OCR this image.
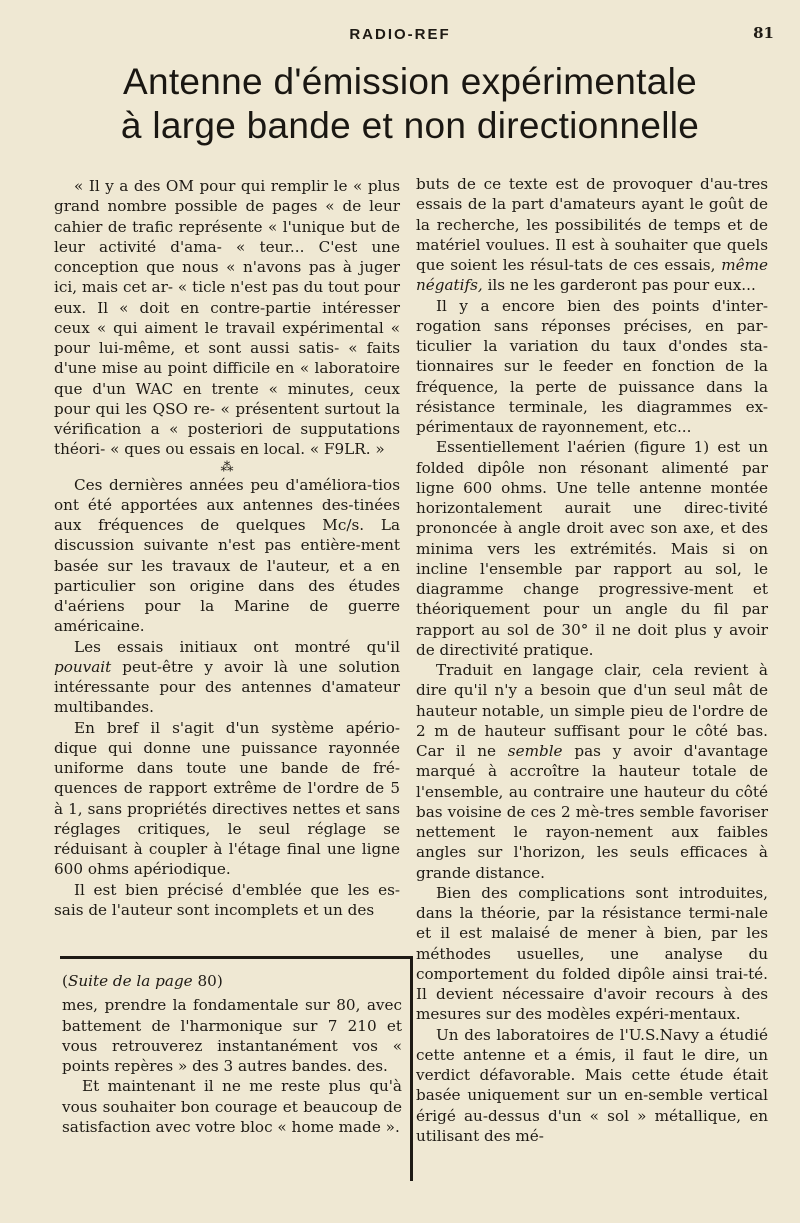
RADIO-REF	81
Antenne d'émission expérimentale
à large bande et non directionnelle

« Il y a des OM pour qui remplir le « plus grand nombre possible de pages « de leur cahier de trafic représente « l'unique but de leur activité d'ama- « teur... C'est une conception que nous « n'avons pas à juger ici, mais cet ar- « ticle n'est pas du tout pour eux. Il « doit en contre-partie intéresser ceux « qui aiment le travail expérimental « pour lui-même, et sont aussi satis- « faits d'une mise au point difficile en « laboratoire que d'un WAC en trente « minutes, ceux pour qui les QSO re- « présentent surtout la vérification a « posteriori de supputations théori- « ques ou essais en local. « F9LR. »

⁂

Ces dernières années peu d'améliora-tios ont été apportées aux antennes des-tinées aux fréquences de quelques Mc/s. La discussion suivante n'est pas entière-ment basée sur les travaux de l'auteur, et a en particulier son origine dans des études d'aériens pour la Marine de guerre américaine.

Les essais initiaux ont montré qu'il pouvait peut-être y avoir là une solution intéressante pour des antennes d'amateur multibandes.

En bref il s'agit d'un système apério-dique qui donne une puissance rayonnée uniforme dans toute une bande de fré-quences de rapport extrême de l'ordre de 5 à 1, sans propriétés directives nettes et sans réglages critiques, le seul réglage se réduisant à coupler à l'étage final une ligne 600 ohms apériodique.

Il est bien précisé d'emblée que les es-sais de l'auteur sont incomplets et un des

(Suite de la page 80)

mes, prendre la fondamentale sur 80, avec battement de l'harmonique sur 7 210 et vous retrouverez instantanément vos « points repères » des 3 autres bandes. des.

Et maintenant il ne me reste plus qu'à vous souhaiter bon courage et beaucoup de satisfaction avec votre bloc « home made ».

buts de ce texte est de provoquer d'au-tres essais de la part d'amateurs ayant le goût de la recherche, les possibilités de temps et de matériel voulues. Il est à souhaiter que quels que soient les résul-tats de ces essais, même négatifs, ils ne les garderont pas pour eux...

Il y a encore bien des points d'inter-rogation sans réponses précises, en par-ticulier la variation du taux d'ondes sta-tionnaires sur le feeder en fonction de la fréquence, la perte de puissance dans la résistance terminale, les diagrammes ex-périmentaux de rayonnement, etc...

Essentiellement l'aérien (figure 1) est un folded dipôle non résonant alimenté par ligne 600 ohms. Une telle antenne montée horizontalement aurait une direc-tivité prononcée à angle droit avec son axe, et des minima vers les extrémités. Mais si on incline l'ensemble par rapport au sol, le diagramme change progressive-ment et théoriquement pour un angle du fil par rapport au sol de 30° il ne doit plus y avoir de directivité pratique.

Traduit en langage clair, cela revient à dire qu'il n'y a besoin que d'un seul mât de hauteur notable, un simple pieu de l'ordre de 2 m de hauteur suffisant pour le côté bas. Car il ne semble pas y avoir d'avantage marqué à accroître la hauteur totale de l'ensemble, au contraire une hauteur du côté bas voisine de ces 2 mè-tres semble favoriser nettement le rayon-nement aux faibles angles sur l'horizon, les seuls efficaces à grande distance.

Bien des complications sont introduites, dans la théorie, par la résistance termi-nale et il est malaisé de mener à bien, par les méthodes usuelles, une analyse du comportement du folded dipôle ainsi trai-té. Il devient nécessaire d'avoir recours à des mesures sur des modèles expéri-mentaux.

Un des laboratoires de l'U.S.Navy a étudié cette antenne et a émis, il faut le dire, un verdict défavorable. Mais cette étude était basée uniquement sur un en-semble vertical érigé au-dessus d'un « sol » métallique, en utilisant des mé-
